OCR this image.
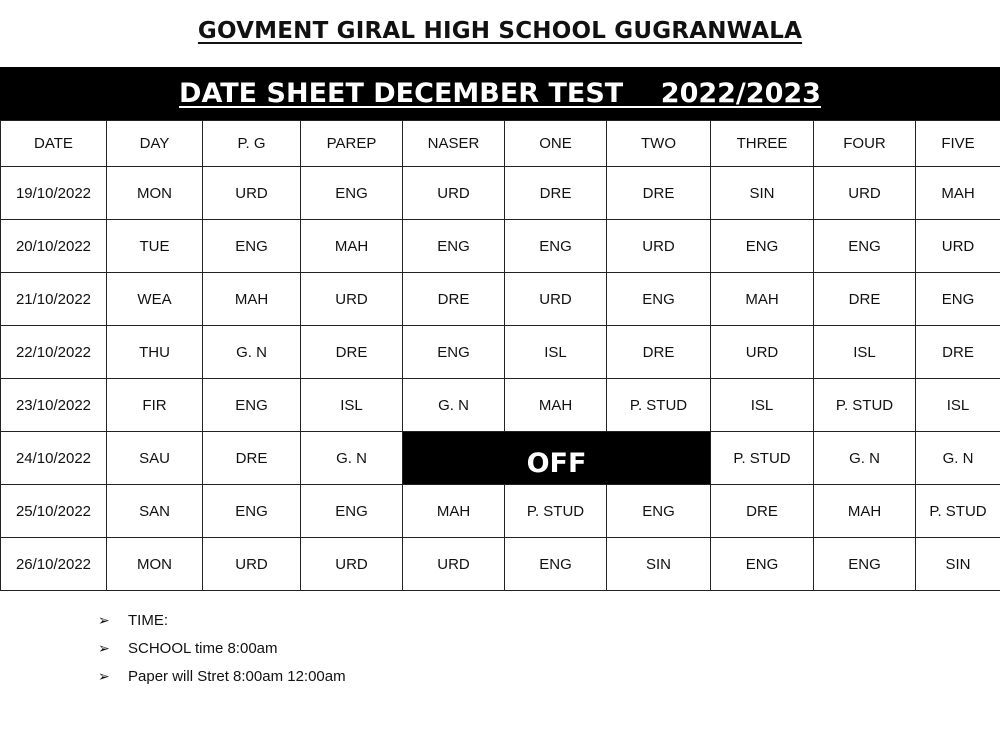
GOVMENT GIRAL HIGH SCHOOL GUGRANWALA
DATE SHEET DECEMBER TEST    2022/2023
DATE	DAY	P. G	PAREP	NASER	ONE	TWO	THREE	FOUR	FIVE
19/10/2022	MON	URD	ENG	URD	DRE	DRE	SIN	URD	MAH
20/10/2022	TUE	ENG	MAH	ENG	ENG	URD	ENG	ENG	URD
21/10/2022	WEA	MAH	URD	DRE	URD	ENG	MAH	DRE	ENG
22/10/2022	THU	G. N	DRE	ENG	ISL	DRE	URD	ISL	DRE
23/10/2022	FIR	ENG	ISL	G. N	MAH	P. STUD	ISL	P. STUD	ISL
24/10/2022	SAU	DRE	G. N	OFF			P. STUD	G. N	G. N
25/10/2022	SAN	ENG	ENG	MAH	P. STUD	ENG	DRE	MAH	P. STUD
26/10/2022	MON	URD	URD	URD	ENG	SIN	ENG	ENG	SIN
➢	TIME:
➢	SCHOOL time 8:00am
➢	Paper will Stret 8:00am 12:00am
